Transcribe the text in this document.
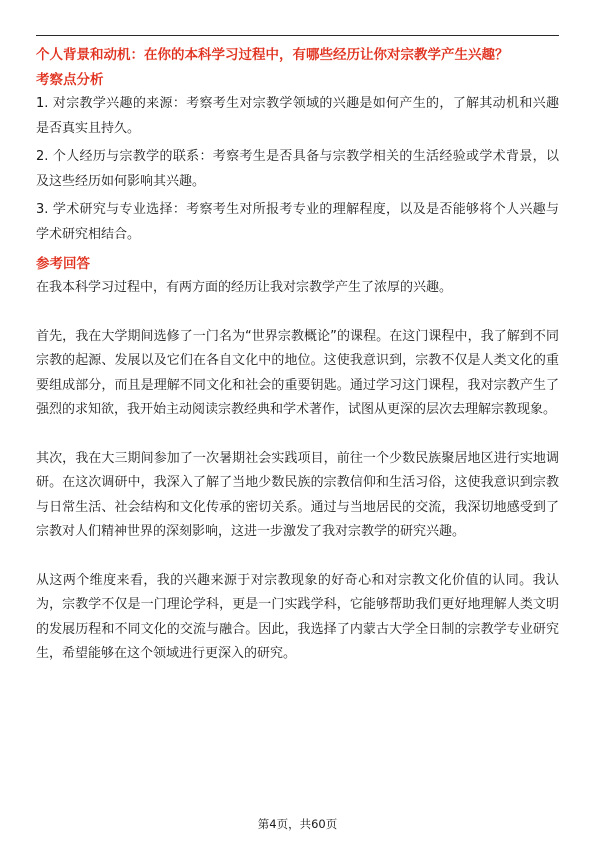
个人背景和动机：在你的本科学习过程中，有哪些经历让你对宗教学产生兴趣？

考察点分析

1. 对宗教学兴趣的来源：考察考生对宗教学领域的兴趣是如何产生的，了解其动机和兴趣是否真实且持久。

2. 个人经历与宗教学的联系：考察考生是否具备与宗教学相关的生活经验或学术背景，以及这些经历如何影响其兴趣。

3. 学术研究与专业选择：考察考生对所报考专业的理解程度，以及是否能够将个人兴趣与学术研究相结合。

参考回答

在我本科学习过程中，有两方面的经历让我对宗教学产生了浓厚的兴趣。

首先，我在大学期间选修了一门名为“世界宗教概论”的课程。在这门课程中，我了解到不同宗教的起源、发展以及它们在各自文化中的地位。这使我意识到，宗教不仅是人类文化的重要组成部分，而且是理解不同文化和社会的重要钥匙。通过学习这门课程，我对宗教产生了强烈的求知欲，我开始主动阅读宗教经典和学术著作，试图从更深的层次去理解宗教现象。

其次，我在大三期间参加了一次暑期社会实践项目，前往一个少数民族聚居地区进行实地调研。在这次调研中，我深入了解了当地少数民族的宗教信仰和生活习俗，这使我意识到宗教与日常生活、社会结构和文化传承的密切关系。通过与当地居民的交流，我深切地感受到了宗教对人们精神世界的深刻影响，这进一步激发了我对宗教学的研究兴趣。

从这两个维度来看，我的兴趣来源于对宗教现象的好奇心和对宗教文化价值的认同。我认为，宗教学不仅是一门理论学科，更是一门实践学科，它能够帮助我们更好地理解人类文明的发展历程和不同文化的交流与融合。因此，我选择了内蒙古大学全日制的宗教学专业研究生，希望能够在这个领域进行更深入的研究。

第4页，共60页
